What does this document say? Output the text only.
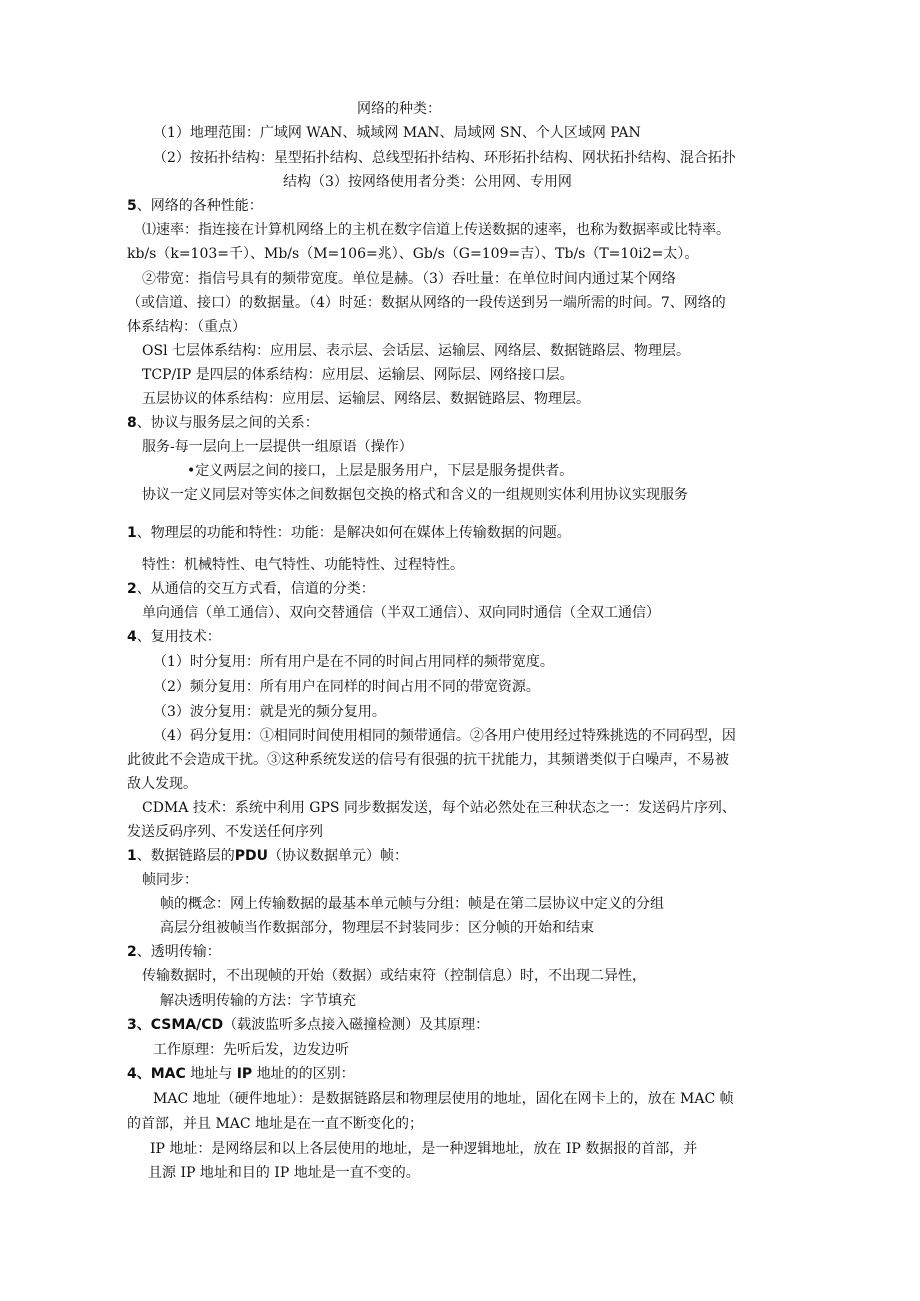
网络的种类：
（1）地理范围：广域网 WAN、城域网 MAN、局域网 SN、个人区域网 PAN
（2）按拓扑结构：星型拓扑结构、总线型拓扑结构、环形拓扑结构、网状拓扑结构、混合拓扑
结构（3）按网络使用者分类：公用网、专用网
5、网络的各种性能：
⑴速率：指连接在计算机网络上的主机在数字信道上传送数据的速率，也称为数据率或比特率。
kb/s（k=103=千）、Mb/s（M=106=兆）、Gb/s（G=109=吉）、Tb/s（T=10i2=太）。
②带宽：指信号具有的频带宽度。单位是赫。（3）吞吐量：在单位时间内通过某个网络
（或信道、接口）的数据量。（4）时延：数据从网络的一段传送到另一端所需的时间。7、网络的
体系结构：（重点）
OSl 七层体系结构：应用层、表示层、会话层、运输层、网络层、数据链路层、物理层。
TCP/IP 是四层的体系结构：应用层、运输层、网际层、网络接口层。
五层协议的体系结构：应用层、运输层、网络层、数据链路层、物理层。
8、协议与服务层之间的关系：
服务-每一层向上一层提供一组原语（操作）
•定义两层之间的接口，上层是服务用户，下层是服务提供者。
协议一定义同层对等实体之间数据包交换的格式和含义的一组规则实体利用协议实现服务
1、物理层的功能和特性：功能：是解决如何在媒体上传输数据的问题。
特性：机械特性、电气特性、功能特性、过程特性。
2、从通信的交互方式看，信道的分类：
单向通信（单工通信）、双向交替通信（半双工通信）、双向同时通信（全双工通信）
4、复用技术：
（1）时分复用：所有用户是在不同的时间占用同样的频带宽度。
（2）频分复用：所有用户在同样的时间占用不同的带宽资源。
（3）波分复用：就是光的频分复用。
（4）码分复用：①相同时间使用相同的频带通信。②各用户使用经过特殊挑选的不同码型，因
此彼此不会造成干扰。③这种系统发送的信号有很强的抗干扰能力，其频谱类似于白噪声，不易被
敌人发现。
CDMA 技术：系统中利用 GPS 同步数据发送，每个站必然处在三种状态之一：发送码片序列、
发送反码序列、不发送任何序列
1、数据链路层的PDU（协议数据单元）帧：
帧同步：
帧的概念：网上传输数据的最基本单元帧与分组：帧是在第二层协议中定义的分组
高层分组被帧当作数据部分，物理层不封装同步：区分帧的开始和结束
2、透明传输：
传输数据时，不出现帧的开始（数据）或结束符（控制信息）时，不出现二异性，
解决透明传输的方法：字节填充
3、CSMA/CD（载波监听多点接入磁撞检测）及其原理：
工作原理：先听后发，边发边听
4、MAC 地址与 IP 地址的的区别：
MAC 地址（硬件地址）：是数据链路层和物理层使用的地址，固化在网卡上的，放在 MAC 帧
的首部，并且 MAC 地址是在一直不断变化的；
IP 地址：是网络层和以上各层使用的地址，是一种逻辑地址，放在 IP 数据报的首部，并
且源 IP 地址和目的 IP 地址是一直不变的。
